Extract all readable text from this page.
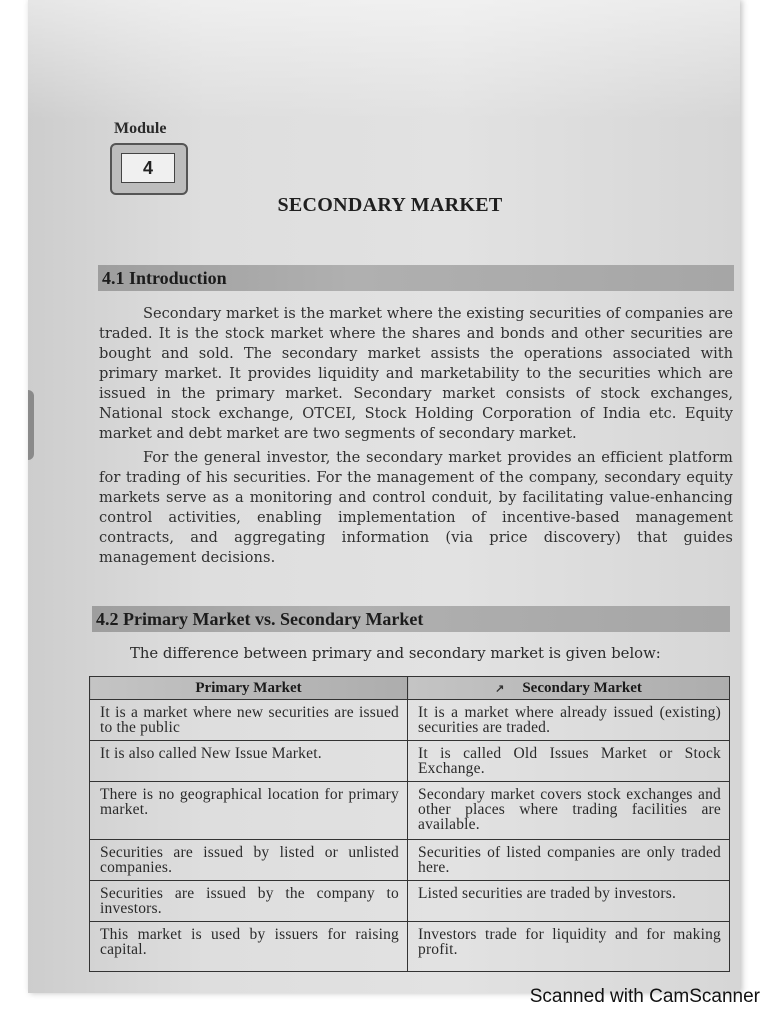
Module
4
SECONDARY MARKET
4.1 Introduction

Secondary market is the market where the existing securities of companies are traded. It is the stock market where the shares and bonds and other securities are bought and sold. The secondary market assists the operations associated with primary market. It provides liquidity and marketability to the securities which are issued in the primary market. Secondary market consists of stock exchanges, National stock exchange, OTCEI, Stock Holding Corporation of India etc. Equity market and debt market are two segments of secondary market.

For the general investor, the secondary market provides an efficient platform for trading of his securities. For the management of the company, secondary equity markets serve as a monitoring and control conduit, by facilitating value-enhancing control activities, enabling implementation of incentive-based management contracts, and aggregating information (via price discovery) that guides management decisions.

4.2 Primary Market vs. Secondary Market
The difference between primary and secondary market is given below:
Primary Market	↗ Secondary Market
It is a market where new securities are issued to the public	It is a market where already issued (existing) securities are traded.
It is also called New Issue Market.	It is called Old Issues Market or Stock Exchange.
There is no geographical location for primary market.	Secondary market covers stock exchanges and other places where trading facilities are available.
Securities are issued by listed or unlisted companies.	Securities of listed companies are only traded here.
Securities are issued by the company to investors.	Listed securities are traded by investors.
This market is used by issuers for raising capital.	Investors trade for liquidity and for making profit.
Scanned with CamScanner
